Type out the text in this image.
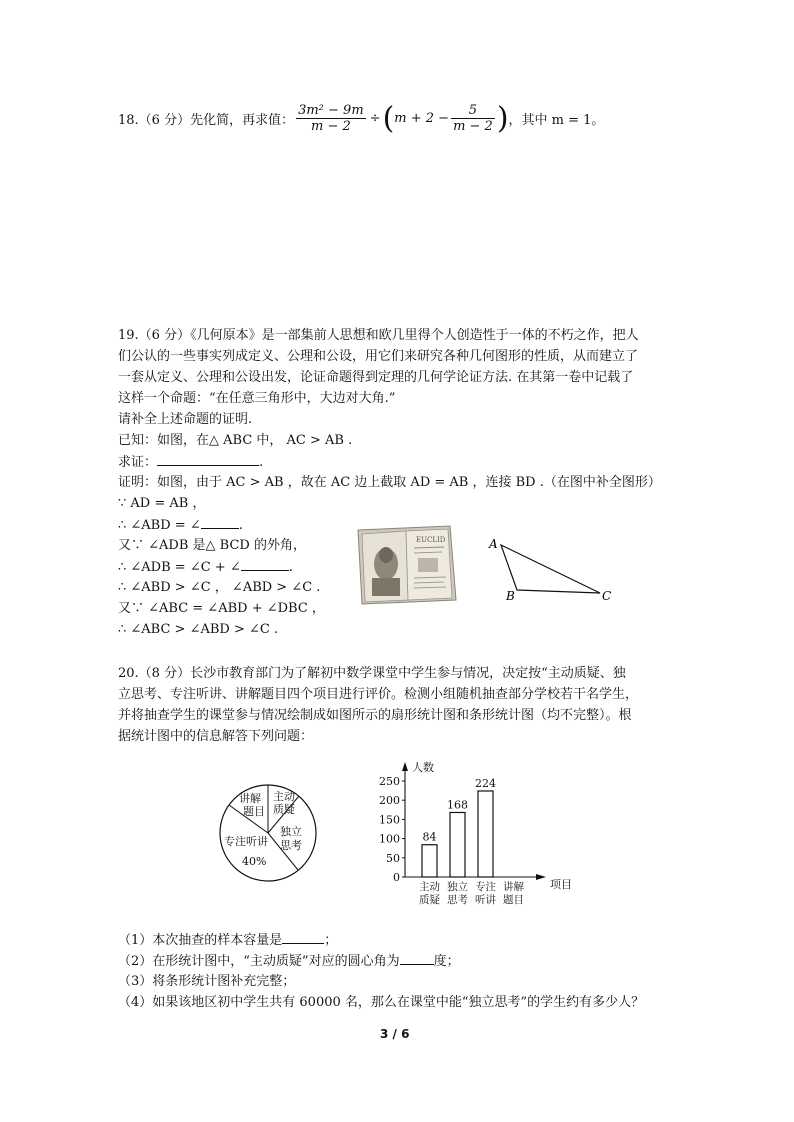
18.（6 分）先化简，再求值： $\frac{\text{3m² − 9m}}{m - 2}$ ÷ ( $m + 2 - \frac{5}{m - 2}$ ) ，其中 m = 1。
19.（6 分）《几何原本》是一部集前人思想和欧几里得个人创造性于一体的不朽之作，把人
们公认的一些事实列成定义、公理和公设，用它们来研究各种几何图形的性质，从而建立了
一套从定义、公理和公设出发，论证命题得到定理的几何学论证方法. 在其第一卷中记载了
这样一个命题：“在任意三角形中，大边对大角.”
请补全上述命题的证明.
已知：如图，在△ ABC 中， AC > AB .
求证：	.
证明：如图，由于 AC > AB ，故在 AC 边上截取 AD = AB ，连接 BD .（在图中补全图形）
∵ AD = AB ，
∴ ∠ABD = ∠	.
又∵ ∠ADB 是△ BCD 的外角，
∴ ∠ADB = ∠C + ∠	.
∴ ∠ABD > ∠C ， ∠ABD > ∠C .
又∵ ∠ABC = ∠ABD + ∠DBC ，
∴ ∠ABC > ∠ABD > ∠C .
EUCLID	A
B	C
20.（8 分）长沙市教育部门为了解初中数学课堂中学生参与情况，决定按“主动质疑、独
立思考、专注听讲、讲解题目四个项目进行评价。检测小组随机抽查部分学校若干名学生，
并将抽查学生的课堂参与情况绘制成如图所示的扇形统计图和条形统计图（均不完整）。根
据统计图中的信息解答下列问题：
讲解
题目
主动
质疑
独立
思考
专注听讲
40%
人数
项目
0
50
100
150
200
250
84
主动
质疑
168
独立
思考
224
专注
听讲
讲解
题目
（1）本次抽查的样本容量是	；
（2）在形统计图中，“主动质疑”对应的圆心角为	度；
（3）将条形统计图补充完整；
（4）如果该地区初中学生共有 60000 名，那么在课堂中能“独立思考”的学生约有多少人？
3 / 6
